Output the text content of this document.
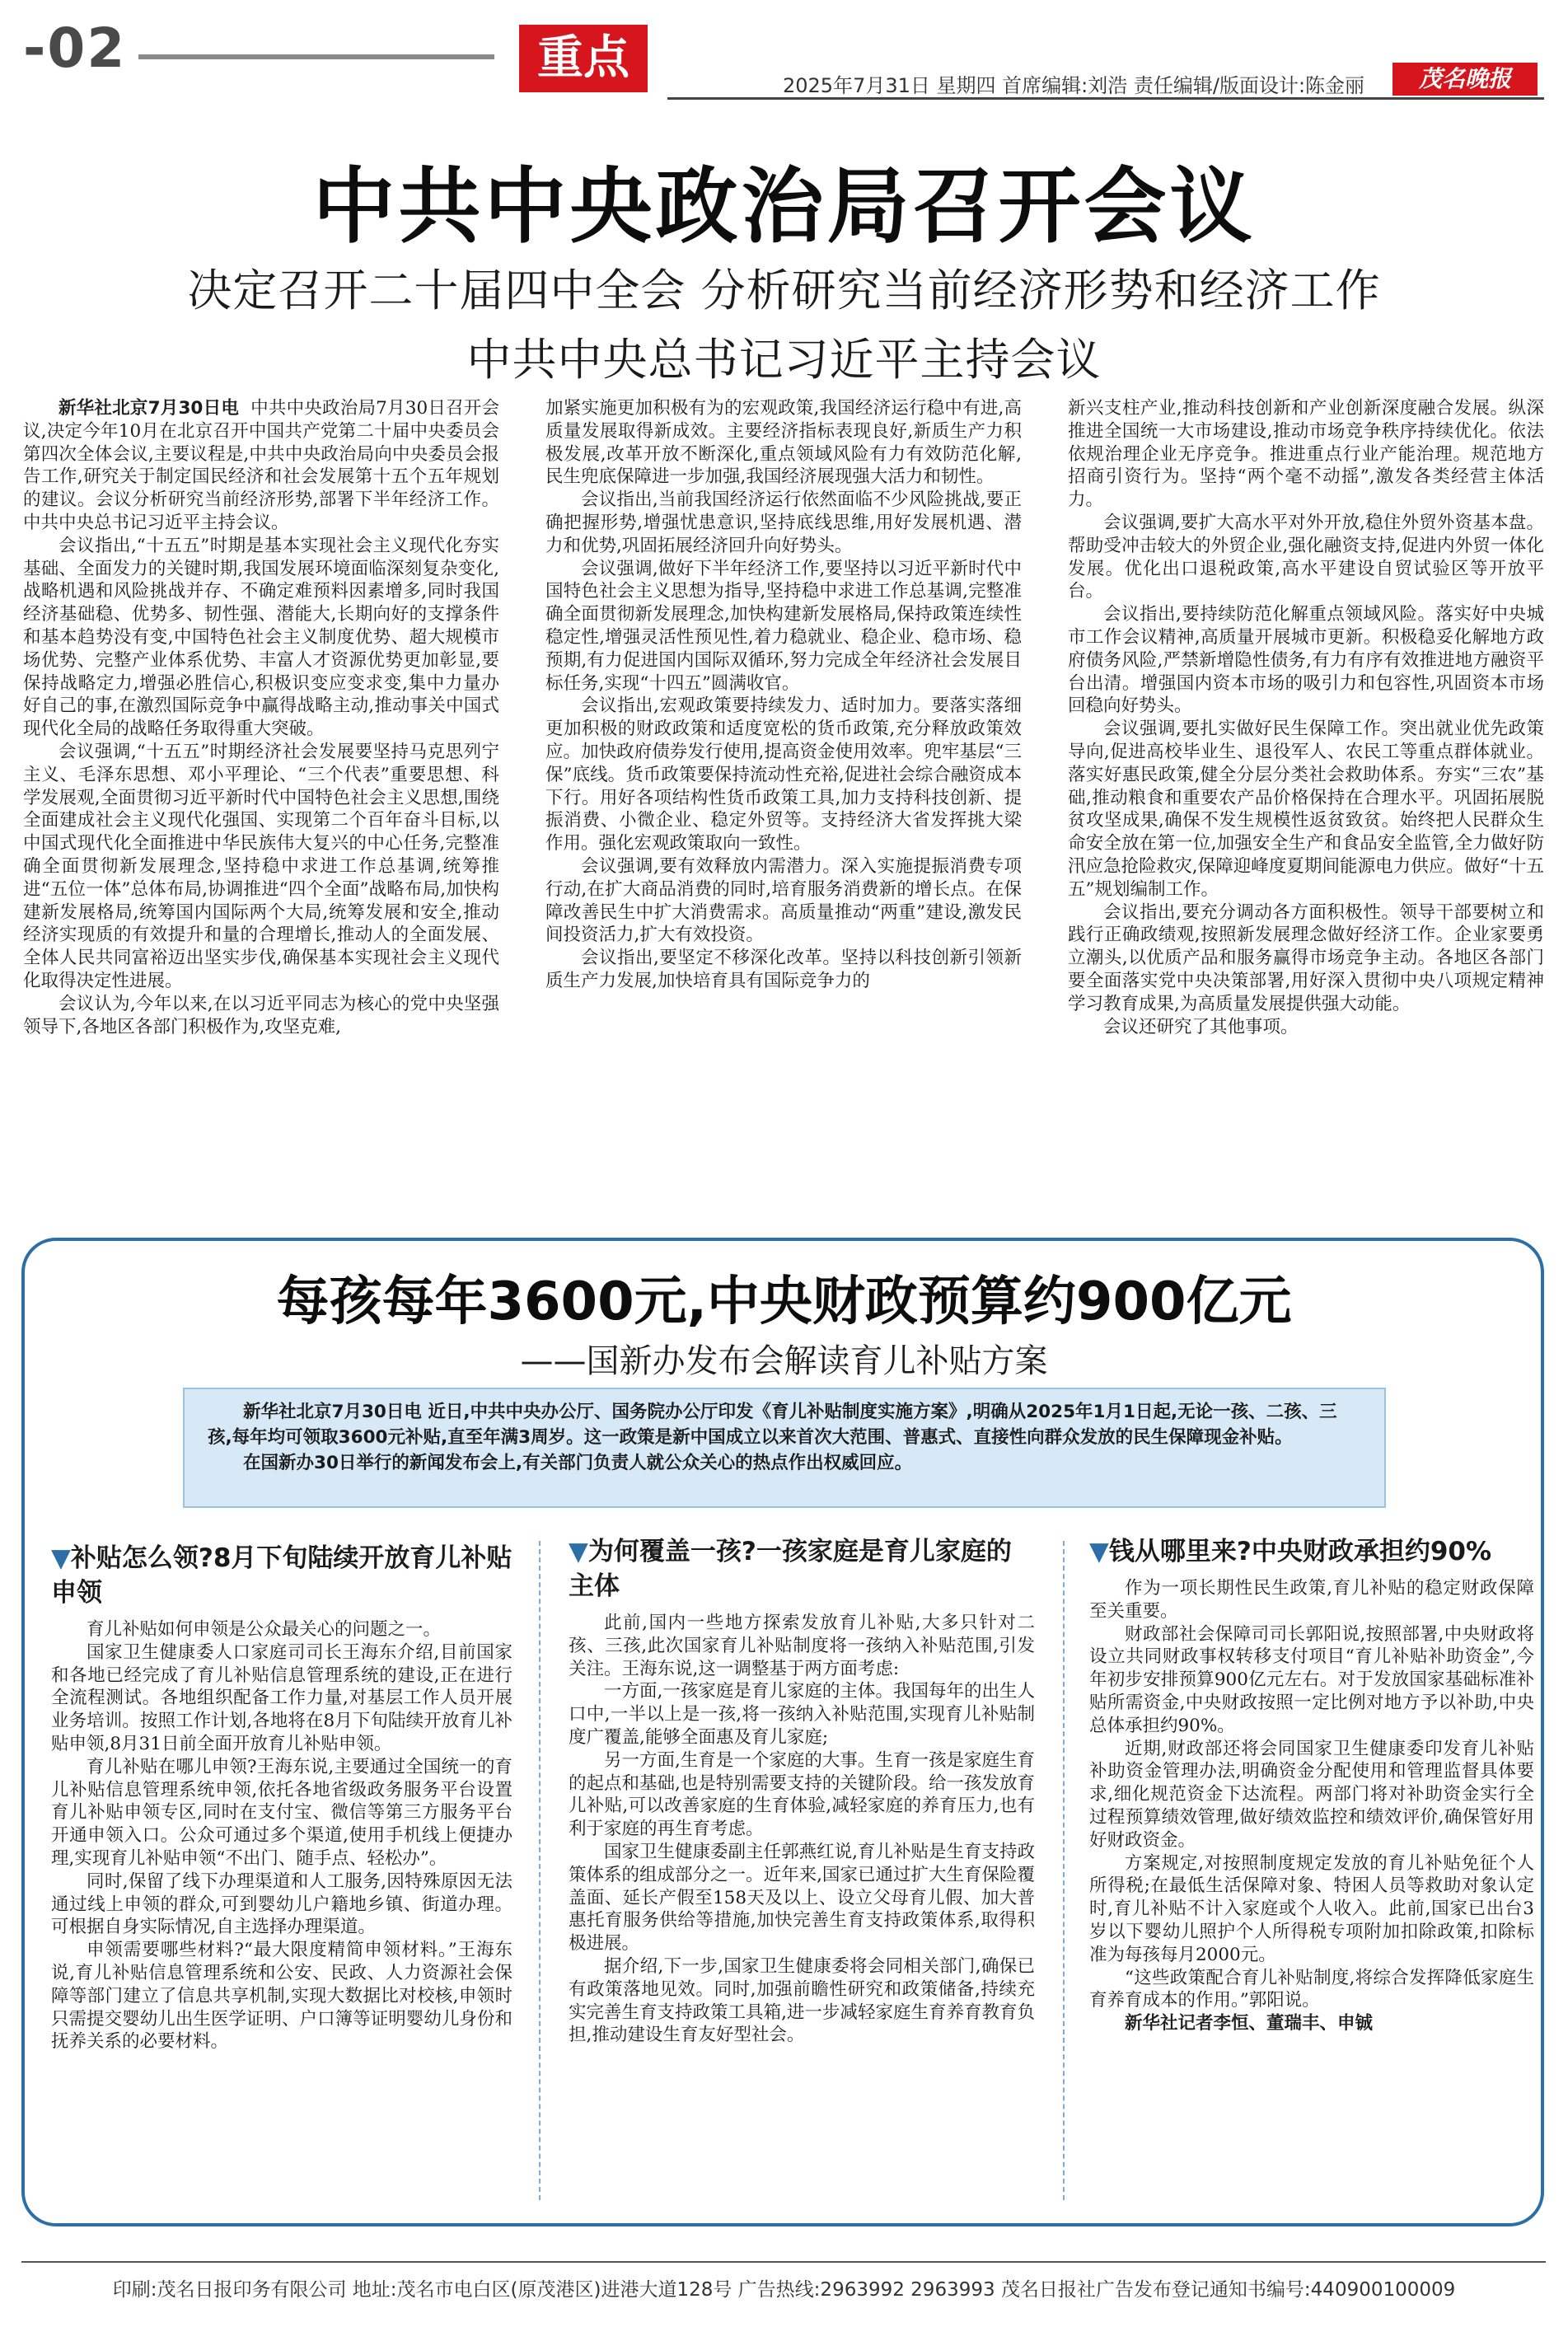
-02	重点
2025年7月31日 星期四 首席编辑:刘浩 责任编辑/版面设计:陈金丽	茂名晚报
中共中央政治局召开会议
决定召开二十届四中全会 分析研究当前经济形势和经济工作
中共中央总书记习近平主持会议

新华社北京7月30日电 中共中央政治局7月30日召开会议,决定今年10月在北京召开中国共产党第二十届中央委员会第四次全体会议,主要议程是,中共中央政治局向中央委员会报告工作,研究关于制定国民经济和社会发展第十五个五年规划的建议。会议分析研究当前经济形势,部署下半年经济工作。中共中央总书记习近平主持会议。

会议指出,“十五五”时期是基本实现社会主义现代化夯实基础、全面发力的关键时期,我国发展环境面临深刻复杂变化,战略机遇和风险挑战并存、不确定难预料因素增多,同时我国经济基础稳、优势多、韧性强、潜能大,长期向好的支撑条件和基本趋势没有变,中国特色社会主义制度优势、超大规模市场优势、完整产业体系优势、丰富人才资源优势更加彰显,要保持战略定力,增强必胜信心,积极识变应变求变,集中力量办好自己的事,在激烈国际竞争中赢得战略主动,推动事关中国式现代化全局的战略任务取得重大突破。

会议强调,“十五五”时期经济社会发展要坚持马克思列宁主义、毛泽东思想、邓小平理论、“三个代表”重要思想、科学发展观,全面贯彻习近平新时代中国特色社会主义思想,围绕全面建成社会主义现代化强国、实现第二个百年奋斗目标,以中国式现代化全面推进中华民族伟大复兴的中心任务,完整准确全面贯彻新发展理念,坚持稳中求进工作总基调,统筹推进“五位一体”总体布局,协调推进“四个全面”战略布局,加快构建新发展格局,统筹国内国际两个大局,统筹发展和安全,推动经济实现质的有效提升和量的合理增长,推动人的全面发展、全体人民共同富裕迈出坚实步伐,确保基本实现社会主义现代化取得决定性进展。

会议认为,今年以来,在以习近平同志为核心的党中央坚强领导下,各地区各部门积极作为,攻坚克难,

加紧实施更加积极有为的宏观政策,我国经济运行稳中有进,高质量发展取得新成效。主要经济指标表现良好,新质生产力积极发展,改革开放不断深化,重点领域风险有力有效防范化解,民生兜底保障进一步加强,我国经济展现强大活力和韧性。

会议指出,当前我国经济运行依然面临不少风险挑战,要正确把握形势,增强忧患意识,坚持底线思维,用好发展机遇、潜力和优势,巩固拓展经济回升向好势头。

会议强调,做好下半年经济工作,要坚持以习近平新时代中国特色社会主义思想为指导,坚持稳中求进工作总基调,完整准确全面贯彻新发展理念,加快构建新发展格局,保持政策连续性稳定性,增强灵活性预见性,着力稳就业、稳企业、稳市场、稳预期,有力促进国内国际双循环,努力完成全年经济社会发展目标任务,实现“十四五”圆满收官。

会议指出,宏观政策要持续发力、适时加力。要落实落细更加积极的财政政策和适度宽松的货币政策,充分释放政策效应。加快政府债券发行使用,提高资金使用效率。兜牢基层“三保”底线。货币政策要保持流动性充裕,促进社会综合融资成本下行。用好各项结构性货币政策工具,加力支持科技创新、提振消费、小微企业、稳定外贸等。支持经济大省发挥挑大梁作用。强化宏观政策取向一致性。

会议强调,要有效释放内需潜力。深入实施提振消费专项行动,在扩大商品消费的同时,培育服务消费新的增长点。在保障改善民生中扩大消费需求。高质量推动“两重”建设,激发民间投资活力,扩大有效投资。

会议指出,要坚定不移深化改革。坚持以科技创新引领新质生产力发展,加快培育具有国际竞争力的

新兴支柱产业,推动科技创新和产业创新深度融合发展。纵深推进全国统一大市场建设,推动市场竞争秩序持续优化。依法依规治理企业无序竞争。推进重点行业产能治理。规范地方招商引资行为。坚持“两个毫不动摇”,激发各类经营主体活力。

会议强调,要扩大高水平对外开放,稳住外贸外资基本盘。帮助受冲击较大的外贸企业,强化融资支持,促进内外贸一体化发展。优化出口退税政策,高水平建设自贸试验区等开放平台。

会议指出,要持续防范化解重点领域风险。落实好中央城市工作会议精神,高质量开展城市更新。积极稳妥化解地方政府债务风险,严禁新增隐性债务,有力有序有效推进地方融资平台出清。增强国内资本市场的吸引力和包容性,巩固资本市场回稳向好势头。

会议强调,要扎实做好民生保障工作。突出就业优先政策导向,促进高校毕业生、退役军人、农民工等重点群体就业。落实好惠民政策,健全分层分类社会救助体系。夯实“三农”基础,推动粮食和重要农产品价格保持在合理水平。巩固拓展脱贫攻坚成果,确保不发生规模性返贫致贫。始终把人民群众生命安全放在第一位,加强安全生产和食品安全监管,全力做好防汛应急抢险救灾,保障迎峰度夏期间能源电力供应。做好“十五五”规划编制工作。

会议指出,要充分调动各方面积极性。领导干部要树立和践行正确政绩观,按照新发展理念做好经济工作。企业家要勇立潮头,以优质产品和服务赢得市场竞争主动。各地区各部门要全面落实党中央决策部署,用好深入贯彻中央八项规定精神学习教育成果,为高质量发展提供强大动能。

会议还研究了其他事项。

每孩每年3600元,中央财政预算约900亿元
——国新办发布会解读育儿补贴方案

新华社北京7月30日电 近日,中共中央办公厅、国务院办公厅印发《育儿补贴制度实施方案》,明确从2025年1月1日起,无论一孩、二孩、三孩,每年均可领取3600元补贴,直至年满3周岁。这一政策是新中国成立以来首次大范围、普惠式、直接性向群众发放的民生保障现金补贴。

在国新办30日举行的新闻发布会上,有关部门负责人就公众关心的热点作出权威回应。

▼补贴怎么领?8月下旬陆续开放育儿补贴申领

育儿补贴如何申领是公众最关心的问题之一。

国家卫生健康委人口家庭司司长王海东介绍,目前国家和各地已经完成了育儿补贴信息管理系统的建设,正在进行全流程测试。各地组织配备工作力量,对基层工作人员开展业务培训。按照工作计划,各地将在8月下旬陆续开放育儿补贴申领,8月31日前全面开放育儿补贴申领。

育儿补贴在哪儿申领?王海东说,主要通过全国统一的育儿补贴信息管理系统申领,依托各地省级政务服务平台设置育儿补贴申领专区,同时在支付宝、微信等第三方服务平台开通申领入口。公众可通过多个渠道,使用手机线上便捷办理,实现育儿补贴申领“不出门、随手点、轻松办”。

同时,保留了线下办理渠道和人工服务,因特殊原因无法通过线上申领的群众,可到婴幼儿户籍地乡镇、街道办理。可根据自身实际情况,自主选择办理渠道。

申领需要哪些材料?“最大限度精简申领材料。”王海东说,育儿补贴信息管理系统和公安、民政、人力资源社会保障等部门建立了信息共享机制,实现大数据比对校核,申领时只需提交婴幼儿出生医学证明、户口簿等证明婴幼儿身份和抚养关系的必要材料。

▼为何覆盖一孩?一孩家庭是育儿家庭的主体

此前,国内一些地方探索发放育儿补贴,大多只针对二孩、三孩,此次国家育儿补贴制度将一孩纳入补贴范围,引发关注。王海东说,这一调整基于两方面考虑:

一方面,一孩家庭是育儿家庭的主体。我国每年的出生人口中,一半以上是一孩,将一孩纳入补贴范围,实现育儿补贴制度广覆盖,能够全面惠及育儿家庭;

另一方面,生育是一个家庭的大事。生育一孩是家庭生育的起点和基础,也是特别需要支持的关键阶段。给一孩发放育儿补贴,可以改善家庭的生育体验,减轻家庭的养育压力,也有利于家庭的再生育考虑。

国家卫生健康委副主任郭燕红说,育儿补贴是生育支持政策体系的组成部分之一。近年来,国家已通过扩大生育保险覆盖面、延长产假至158天及以上、设立父母育儿假、加大普惠托育服务供给等措施,加快完善生育支持政策体系,取得积极进展。

据介绍,下一步,国家卫生健康委将会同相关部门,确保已有政策落地见效。同时,加强前瞻性研究和政策储备,持续充实完善生育支持政策工具箱,进一步减轻家庭生育养育教育负担,推动建设生育友好型社会。

▼钱从哪里来?中央财政承担约90%

作为一项长期性民生政策,育儿补贴的稳定财政保障至关重要。

财政部社会保障司司长郭阳说,按照部署,中央财政将设立共同财政事权转移支付项目“育儿补贴补助资金”,今年初步安排预算900亿元左右。对于发放国家基础标准补贴所需资金,中央财政按照一定比例对地方予以补助,中央总体承担约90%。

近期,财政部还将会同国家卫生健康委印发育儿补贴补助资金管理办法,明确资金分配使用和管理监督具体要求,细化规范资金下达流程。两部门将对补助资金实行全过程预算绩效管理,做好绩效监控和绩效评价,确保管好用好财政资金。

方案规定,对按照制度规定发放的育儿补贴免征个人所得税;在最低生活保障对象、特困人员等救助对象认定时,育儿补贴不计入家庭或个人收入。此前,国家已出台3岁以下婴幼儿照护个人所得税专项附加扣除政策,扣除标准为每孩每月2000元。

“这些政策配合育儿补贴制度,将综合发挥降低家庭生育养育成本的作用。”郭阳说。

新华社记者李恒、董瑞丰、申铖

印刷:茂名日报印务有限公司 地址:茂名市电白区(原茂港区)进港大道128号 广告热线:2963992 2963993 茂名日报社广告发布登记通知书编号:440900100009
